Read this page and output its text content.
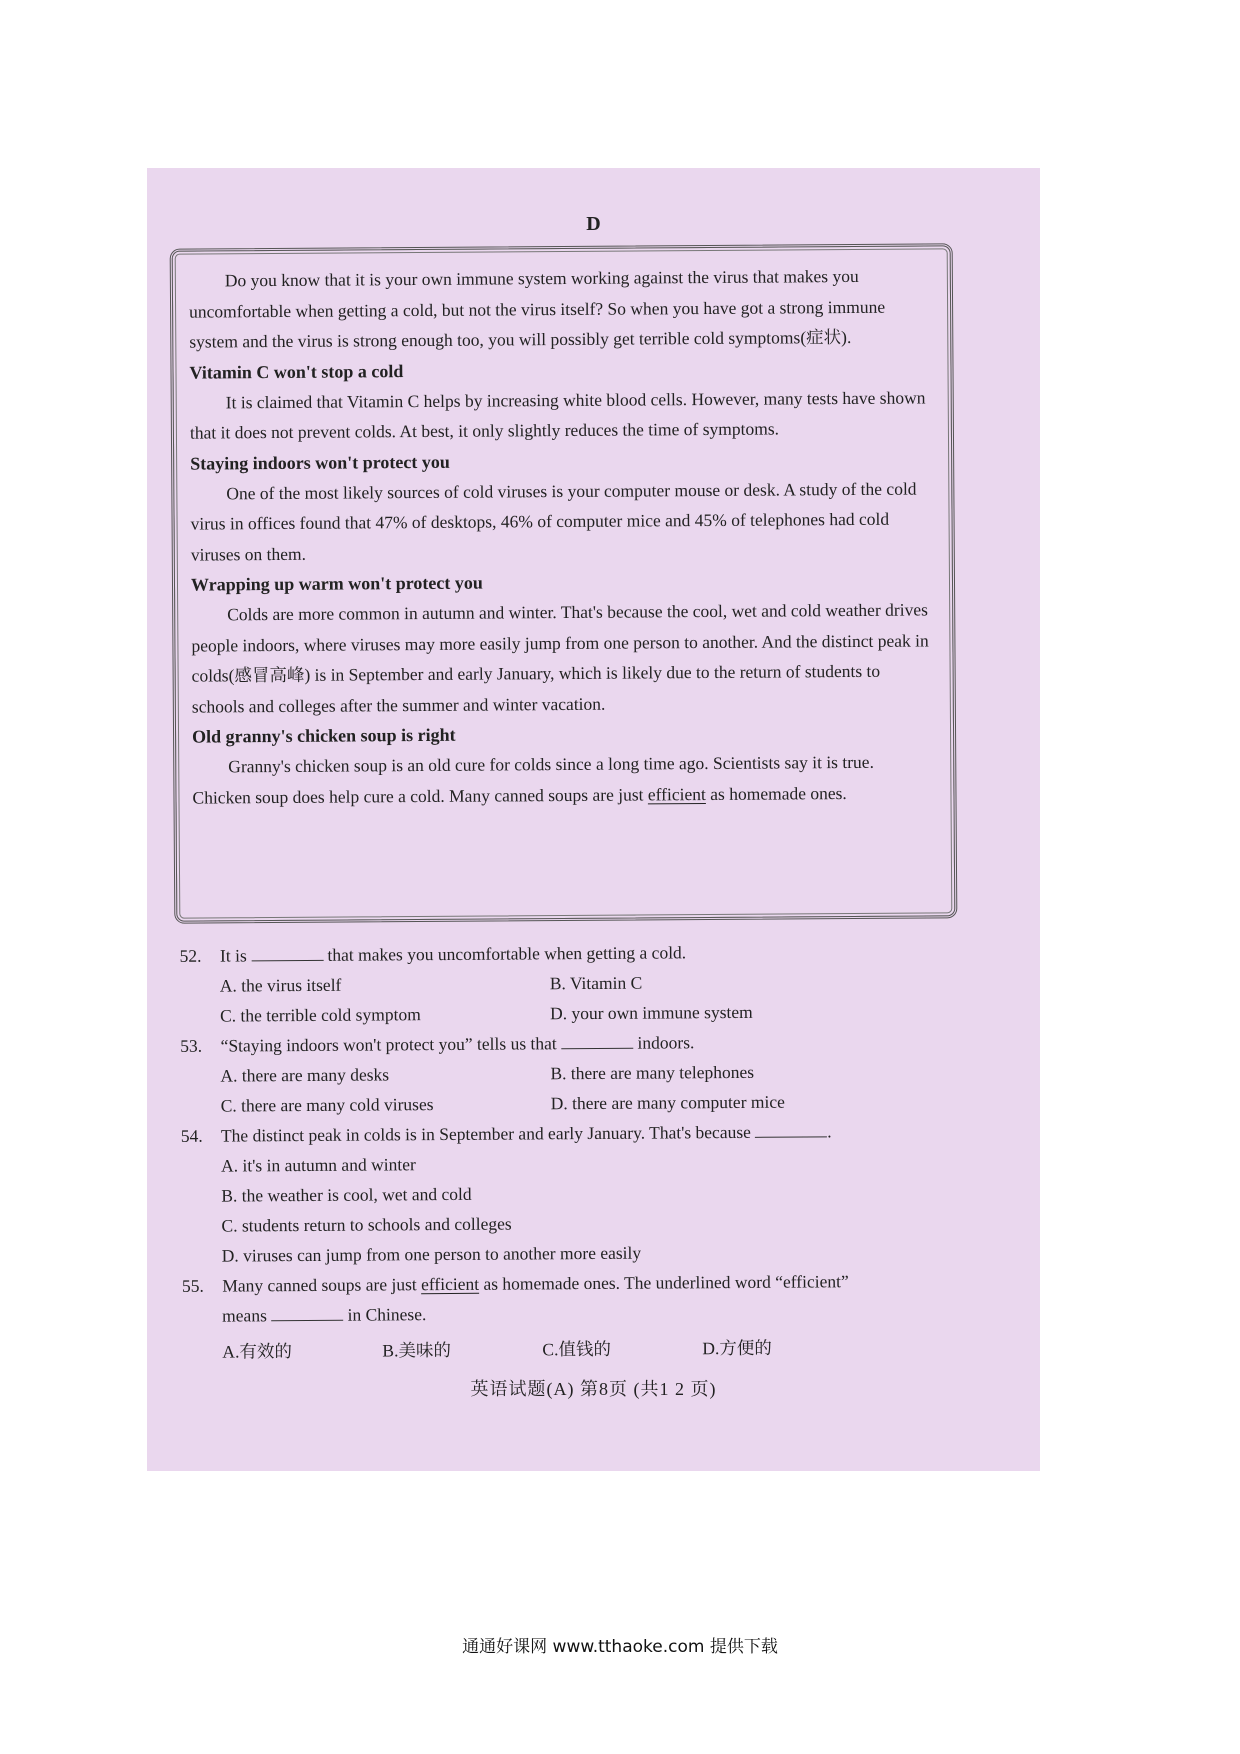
D

Do you know that it is your own immune system working against the virus that makes you uncomfortable when getting a cold, but not the virus itself? So when you have got a strong immune system and the virus is strong enough too, you will possibly get terrible cold symptoms(症状).

Vitamin C won't stop a cold

It is claimed that Vitamin C helps by increasing white blood cells. However, many tests have shown that it does not prevent colds. At best, it only slightly reduces the time of symptoms.

Staying indoors won't protect you

One of the most likely sources of cold viruses is your computer mouse or desk. A study of the cold virus in offices found that 47% of desktops, 46% of computer mice and 45% of telephones had cold viruses on them.

Wrapping up warm won't protect you

Colds are more common in autumn and winter. That's because the cool, wet and cold weather drives people indoors, where viruses may more easily jump from one person to another. And the distinct peak in colds(感冒高峰) is in September and early January, which is likely due to the return of students to schools and colleges after the summer and winter vacation.

Old granny's chicken soup is right

Granny's chicken soup is an old cure for colds since a long time ago. Scientists say it is true. Chicken soup does help cure a cold. Many canned soups are just efficient as homemade ones.

52. It is	that makes you uncomfortable when getting a cold.

A. the virus itself	B. Vitamin C
C. the terrible cold symptom	D. your own immune system

53. “Staying indoors won't protect you” tells us that	indoors.

A. there are many desks	B. there are many telephones
C. there are many cold viruses	D. there are many computer mice

54. The distinct peak in colds is in September and early January. That's because	.

A. it's in autumn and winter

B. the weather is cool, wet and cold

C. students return to schools and colleges

D. viruses can jump from one person to another more easily

55. Many canned soups are just efficient as homemade ones. The underlined word “efficient”

means	in Chinese.

A.有效的	B.美味的	C.值钱的	D.方便的
英语试题(A) 第8页 (共1 2 页)
通通好课网 www.tthaoke.com 提供下载
